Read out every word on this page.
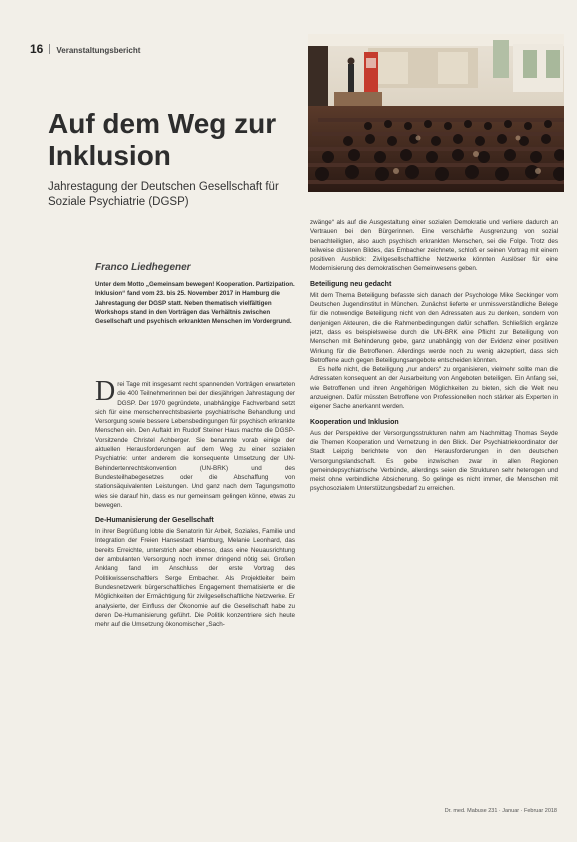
16 Veranstaltungsbericht
Auf dem Weg zur Inklusion
Jahrestagung der Deutschen Gesellschaft für Soziale Psychiatrie (DGSP)
Franco Liedhegener
Unter dem Motto „Gemeinsam bewegen! Kooperation. Partizipation. Inklusion“ fand vom 23. bis 25. November 2017 in Hamburg die Jahrestagung der DGSP statt. Neben thematisch vielfältigen Workshops stand in den Vorträgen das Verhältnis zwischen Gesellschaft und psychisch erkrankten Menschen im Vordergrund.
D rei Tage mit insgesamt recht spannenden Vorträgen erwarteten die 400 Teilnehmerinnen bei der diesjährigen Jahrestagung der DGSP. Der 1970 gegründete, unabhängige Fachverband setzt sich für eine menschenrechtsbasierte psychiatrische Behandlung und Versorgung sowie bessere Lebensbedingungen für psychisch erkrankte Menschen ein. Den Auftakt im Rudolf Steiner Haus machte die DGSP-Vorsitzende Christel Achberger. Sie benannte vorab einige der aktuellen Herausforderungen auf dem Weg zu einer sozialen Psychiatrie: unter anderem die konsequente Umsetzung der UN-Behindertenrechtskonvention (UN-BRK) und des Bundesteilhabegesetzes oder die Abschaffung von stationsäquivalenten Leistungen. Und ganz nach dem Tagungsmotto wies sie darauf hin, dass es nur gemeinsam gelingen könne, etwas zu bewegen.

De-Humanisierung der Gesellschaft

In ihrer Begrüßung lobte die Senatorin für Arbeit, Soziales, Familie und Integration der Freien Hansestadt Hamburg, Melanie Leonhard, das bereits Erreichte, unterstrich aber ebenso, dass eine Neuausrichtung der ambulanten Versorgung noch immer dringend nötig sei. Großen Anklang fand im Anschluss der erste Vortrag des Politikwissenschaftlers Serge Embacher. Als Projektleiter beim Bundesnetzwerk bürgerschaftliches Engagement thematisierte er die Möglichkeiten der Ermächtigung für zivilgesellschaftliche Netzwerke. Er analysierte, der Einfluss der Ökonomie auf die Gesellschaft habe zu deren De-Humanisierung geführt. Die Politik konzentriere sich heute mehr auf die Umsetzung ökonomischer „Sach-

zwänge“ als auf die Ausgestaltung einer sozialen Demokratie und verliere dadurch an Vertrauen bei den Bürgerinnen. Eine verschärfte Ausgrenzung von sozial benachteiligten, also auch psychisch erkrankten Menschen, sei die Folge. Trotz des teilweise düsteren Bildes, das Embacher zeichnete, schloß er seinen Vortrag mit einem positiven Ausblick: Zivilgesellschaftliche Netzwerke könnten Auslöser für eine Modernisierung des demokratischen Gemeinwesens geben.

Beteiligung neu gedacht

Mit dem Thema Beteiligung befasste sich danach der Psychologe Mike Seckinger vom Deutschen Jugendinstitut in München. Zunächst lieferte er unmissverständliche Belege für die notwendige Beteiligung nicht von den Adressaten aus zu denken, sondern von denjenigen Akteuren, die die Rahmenbedingungen dafür schaffen. Schließlich ergänze jetzt, dass es beispielsweise durch die UN-BRK eine Pflicht zur Beteiligung von Menschen mit Behinderung gebe, ganz unabhängig von der Evidenz einer positiven Wirkung für die Betroffenen. Allerdings werde noch zu wenig akzeptiert, dass sich Betroffene auch gegen Beteiligungsangebote entscheiden könnten.

Es helfe nicht, die Beteiligung „nur anders“ zu organisieren, vielmehr sollte man die Adressaten konsequent an der Ausarbeitung von Angeboten beteiligen. Ein Anfang sei, wie Betroffenen und ihren Angehörigen Möglichkeiten zu bieten, sich die Welt neu anzueignen. Dafür müssten Betroffene von Professionellen noch stärker als Experten in eigener Sache anerkannt werden.

Kooperation und Inklusion

Aus der Perspektive der Versorgungsstrukturen nahm am Nachmittag Thomas Seyde die Themen Kooperation und Vernetzung in den Blick. Der Psychiatriekoordinator der Stadt Leipzig berichtete von den Herausforderungen in den deutschen Versorgungslandschaft. Es gebe inzwischen zwar in allen Regionen gemeindepsychiatrische Verbünde, allerdings seien die Strukturen sehr heterogen und meist ohne verbindliche Absicherung. So gelinge es nicht immer, die Menschen mit psychosozialem Unterstützungsbedarf zu erreichen.

Dr. med. Mabuse 231 · Januar · Februar 2018
